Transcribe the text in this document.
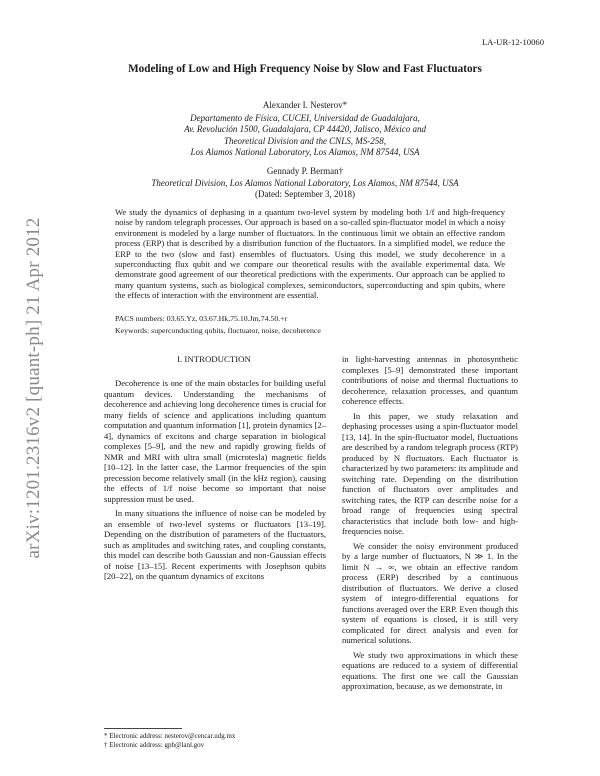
LA-UR-12-10060
arXiv:1201.2316v2 [quant-ph] 21 Apr 2012
Modeling of Low and High Frequency Noise by Slow and Fast Fluctuators
Alexander I. Nesterov*
Departamento de Física, CUCEI, Universidad de Guadalajara,
Av. Revolución 1500, Guadalajara, CP 44420, Jalisco, México and
Theoretical Division and the CNLS, MS-258,
Los Alamos National Laboratory, Los Alamos, NM 87544, USA
Gennady P. Berman†
Theoretical Division, Los Alamos National Laboratory, Los Alamos, NM 87544, USA
(Dated: September 3, 2018)
We study the dynamics of dephasing in a quantum two-level system by modeling both 1/f and high-frequency noise by random telegraph processes. Our approach is based on a so-called spin-fluctuator model in which a noisy environment is modeled by a large number of fluctuators. In the continuous limit we obtain an effective random process (ERP) that is described by a distribution function of the fluctuators. In a simplified model, we reduce the ERP to the two (slow and fast) ensembles of fluctuators. Using this model, we study decoherence in a superconducting flux qubit and we compare our theoretical results with the available experimental data. We demonstrate good agreement of our theoretical predictions with the experiments. Our approach can be applied to many quantum systems, such as biological complexes, semiconductors, superconducting and spin qubits, where the effects of interaction with the environment are essential.
PACS numbers: 03.65.Yz, 03.67.Hk,75.10.Jm,74.50.+r
Keywords: superconducting qubits, fluctuator, noise, decoherence
I. INTRODUCTION

Decoherence is one of the main obstacles for building useful quantum devices. Understanding the mechanisms of decoherence and achieving long decoherence times is crucial for many fields of science and applications including quantum computation and quantum information [1], protein dynamics [2–4], dynamics of excitons and charge separation in biological complexes [5–9], and the new and rapidly growing fields of NMR and MRI with ultra small (microtesla) magnetic fields [10–12]. In the latter case, the Larmor frequencies of the spin precession become relatively small (in the kHz region), causing the effects of 1/f noise become so important that noise suppression must be used.

In many situations the influence of noise can be modeled by an ensemble of two-level systems or fluctuators [13–19]. Depending on the distribution of parameters of the fluctuators, such as amplitudes and switching rates, and coupling constants, this model can describe both Gaussian and non-Gaussian effects of noise [13–15]. Recent experiments with Josephson qubits [20–22], on the quantum dynamics of excitons

in light-harvesting antennas in photosynthetic complexes [5–9] demonstrated these important contributions of noise and thermal fluctuations to decoherence, relaxation processes, and quantum coherence effects.

In this paper, we study relaxation and dephasing processes using a spin-fluctuator model [13, 14]. In the spin-fluctuator model, fluctuations are described by a random telegraph process (RTP) produced by N fluctuators. Each fluctuator is characterized by two parameters: its amplitude and switching rate. Depending on the distribution function of fluctuators over amplitudes and switching rates, the RTP can describe noise for a broad range of frequencies using spectral characteristics that include both low- and high-frequencies noise.

We consider the noisy environment produced by a large number of fluctuators, N ≫ 1. In the limit N → ∞, we obtain an effective random process (ERP) described by a continuous distribution of fluctuators. We derive a closed system of integro-differential equations for functions averaged over the ERP. Even though this system of equations is closed, it is still very complicated for direct analysis and even for numerical solutions.

We study two approximations in which these equations are reduced to a system of differential equations. The first one we call the Gaussian approximation, because, as we demonstrate, in

* Electronic address: nesterov@cencar.udg.mx
† Electronic address: gpb@lanl.gov
